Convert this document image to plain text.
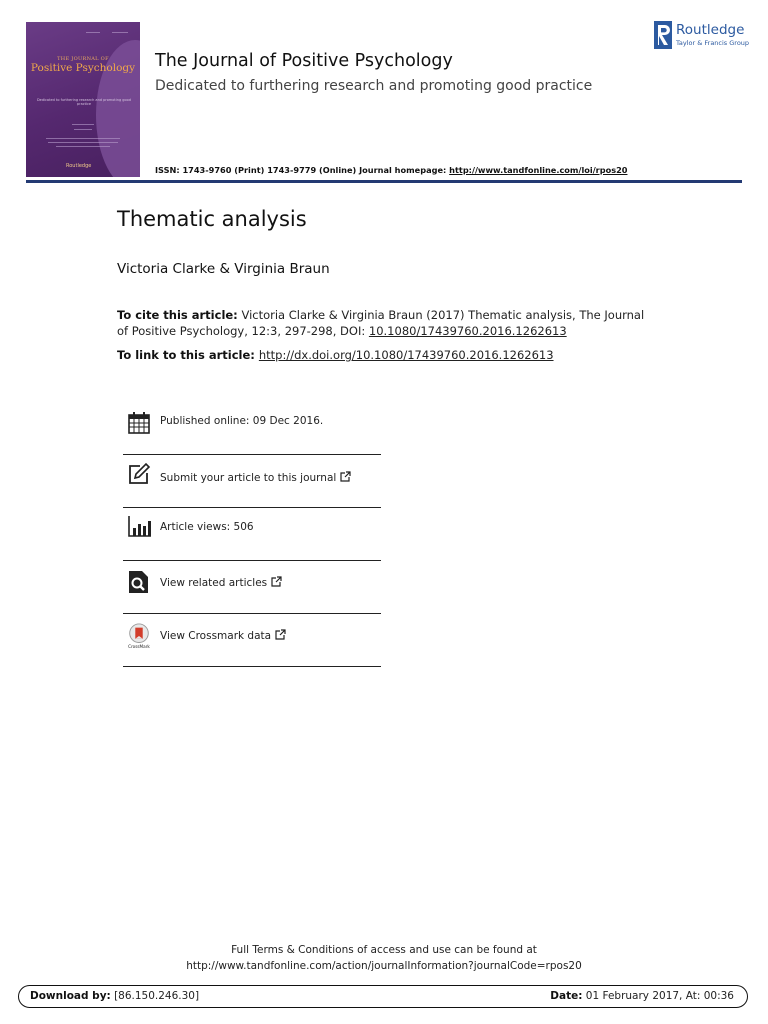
THE JOURNAL OF
Positive Psychology
Dedicated to furthering research and promoting good practice
Routledge
The Journal of Positive Psychology
Dedicated to furthering research and promoting good practice
ISSN: 1743-9760 (Print) 1743-9779 (Online) Journal homepage: http://www.tandfonline.com/loi/rpos20
Routledge
Taylor & Francis Group
Thematic analysis
Victoria Clarke & Virginia Braun
To cite this article: Victoria Clarke & Virginia Braun (2017) Thematic analysis, The Journal of Positive Psychology, 12:3, 297-298, DOI: 10.1080/17439760.2016.1262613
To link to this article: http://dx.doi.org/10.1080/17439760.2016.1262613
Published online: 09 Dec 2016.
Submit your article to this journal
Article views: 506
View related articles
CrossMark
View Crossmark data
Full Terms & Conditions of access and use can be found at
http://www.tandfonline.com/action/journalInformation?journalCode=rpos20
Download by: [86.150.246.30]	Date: 01 February 2017, At: 00:36
